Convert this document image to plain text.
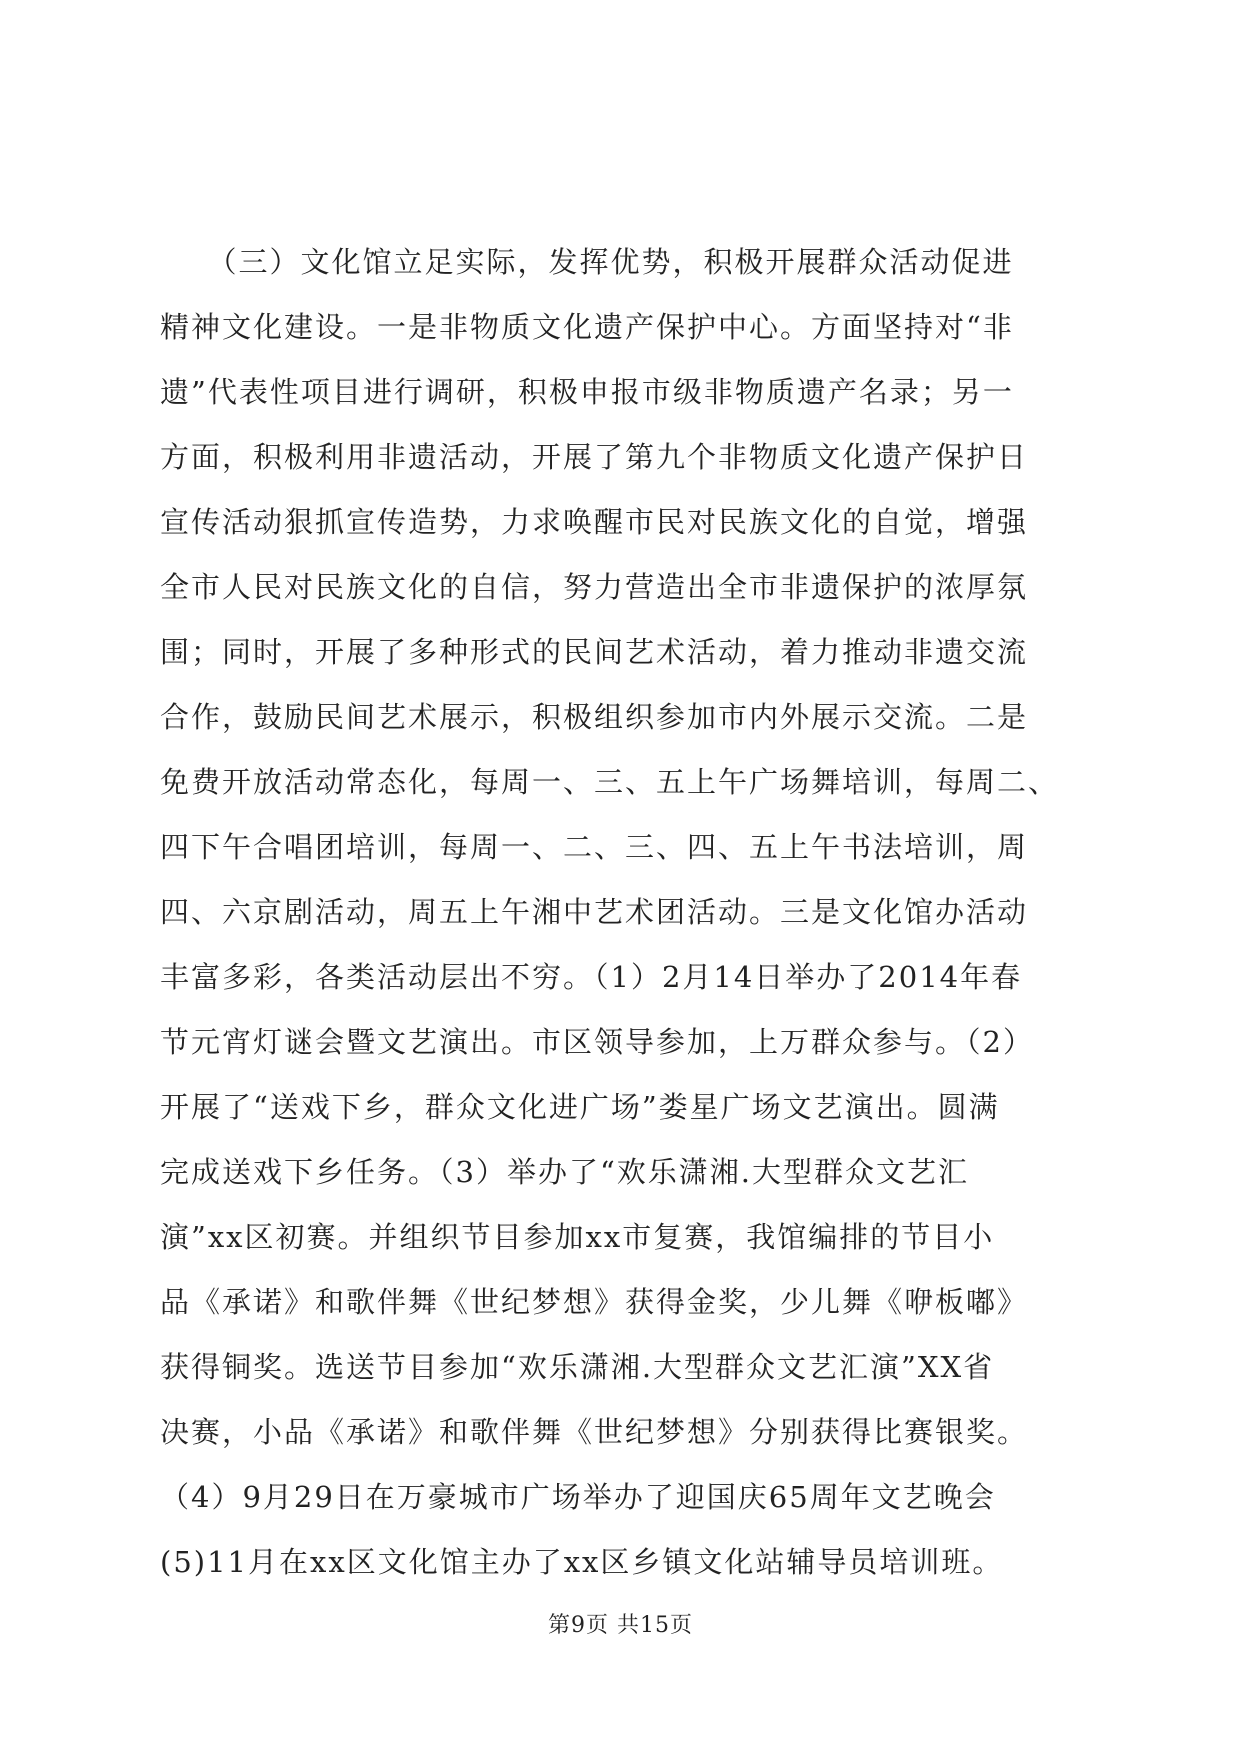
　　（三）文化馆立足实际，发挥优势，积极开展群众活动促进
精神文化建设。一是非物质文化遗产保护中心。方面坚持对“非
遗”代表性项目进行调研，积极申报市级非物质遗产名录；另一
方面，积极利用非遗活动，开展了第九个非物质文化遗产保护日
宣传活动狠抓宣传造势，力求唤醒市民对民族文化的自觉，增强
全市人民对民族文化的自信，努力营造出全市非遗保护的浓厚氛
围；同时，开展了多种形式的民间艺术活动，着力推动非遗交流
合作，鼓励民间艺术展示，积极组织参加市内外展示交流。二是
免费开放活动常态化，每周一、三、五上午广场舞培训，每周二、
四下午合唱团培训，每周一、二、三、四、五上午书法培训，周
四、六京剧活动，周五上午湘中艺术团活动。三是文化馆办活动
丰富多彩，各类活动层出不穷。（1）2月14日举办了2014年春
节元宵灯谜会暨文艺演出。市区领导参加，上万群众参与。（2）
开展了“送戏下乡，群众文化进广场”娄星广场文艺演出。圆满
完成送戏下乡任务。（3）举办了“欢乐潇湘.大型群众文艺汇
演”xx区初赛。并组织节目参加xx市复赛，我馆编排的节目小
品《承诺》和歌伴舞《世纪梦想》获得金奖，少儿舞《咿板嘟》
获得铜奖。选送节目参加“欢乐潇湘.大型群众文艺汇演”XX省
决赛，小品《承诺》和歌伴舞《世纪梦想》分别获得比赛银奖。
（4）9月29日在万豪城市广场举办了迎国庆65周年文艺晚会
(5)11月在xx区文化馆主办了xx区乡镇文化站辅导员培训班。
第9页 共15页
